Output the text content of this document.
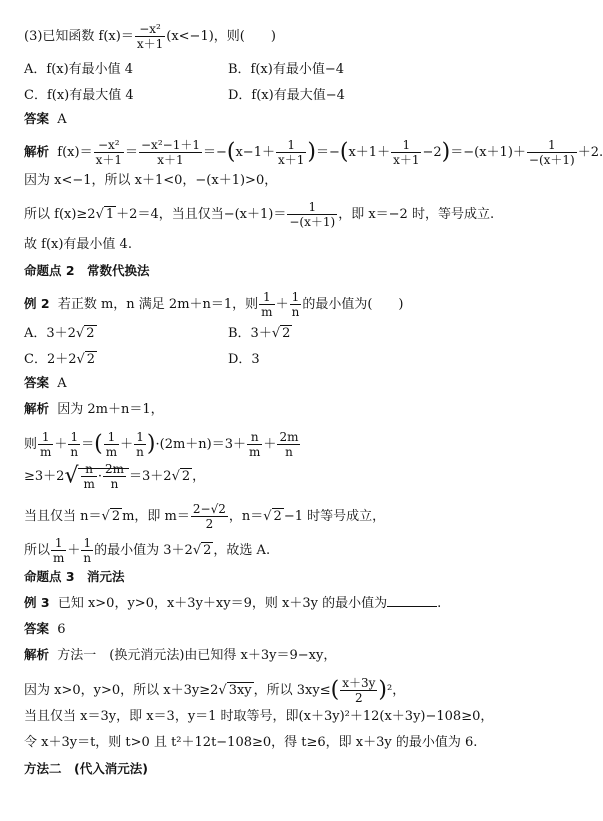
(3)已知函数 $f(x)= \frac{\text{−x²}}{x+1} (x<-1)$，则(　　)
A．f(x)有最小值 4	B．f(x)有最小值−4
C．f(x)有最大值 4	D．f(x)有最大值−4
答案 A
解析 $f(x)= \frac{\text{−x²}}{x+1} = \frac{\text{−x²−1＋1}}{x+1} =-(x-1+ \frac{1}{x+1} )=-(x+1+ \frac{1}{x+1} -2)=-(x+1)+ \frac{1}{-(x+1)} +2$.
因为 x<−1，所以 x＋1<0，−(x＋1)>0，
所以 f(x)≥2√ 1 ＋2＝4，当且仅当$-(x+1)= \frac{1}{-(x+1)}$ ，即 x＝−2 时，等号成立.
故 f(x)有最小值 4.
命题点 2　常数代换法
例 2 若正数 m，n 满足 2m＋n＝1，则 $\frac{1}{m} + \frac{1}{n}$ 的最小值为(　　)
A．3＋2√ 2	B．3＋√ 2
C．2＋2√ 2	D．3
答案 A
解析 因为 2m＋n＝1，
则 $\frac{1}{m} + \frac{1}{n}$ ＝( $\frac{1}{m} + \frac{1}{n} )\cdot(2m+n)=3+ \frac{n}{m} + \frac{2m}{n}$
$\ge 3+2√ \frac{n}{m} \cdot \frac{2m}{n} =3+2√$ 2 ，
当且仅当 n＝√ 2 m，即 $m= \frac{2-√2}{2}$ ，n＝√ 2 −1 时等号成立，
所以 $\frac{1}{m} + \frac{1}{n}$ 的最小值为 3＋2√ 2 ，故选 A.
命题点 3　消元法
例 3 已知 x>0，y>0，x＋3y＋xy＝9，则 x＋3y 的最小值为	.
答案 6
解析 方法一　(换元消元法)由已知得 x＋3y＝9−xy，
因为 x>0，y>0，所以 x＋3y≥2√ 3xy ，所以 $3xy\le( \frac{x+3y}{2} )^2$，
当且仅当 x＝3y，即 x＝3，y＝1 时取等号，即(x＋3y)²＋12(x＋3y)−108≥0，
令 x＋3y＝t，则 t>0 且 t²＋12t−108≥0，得 t≥6，即 x＋3y 的最小值为 6.
方法二　(代入消元法)
